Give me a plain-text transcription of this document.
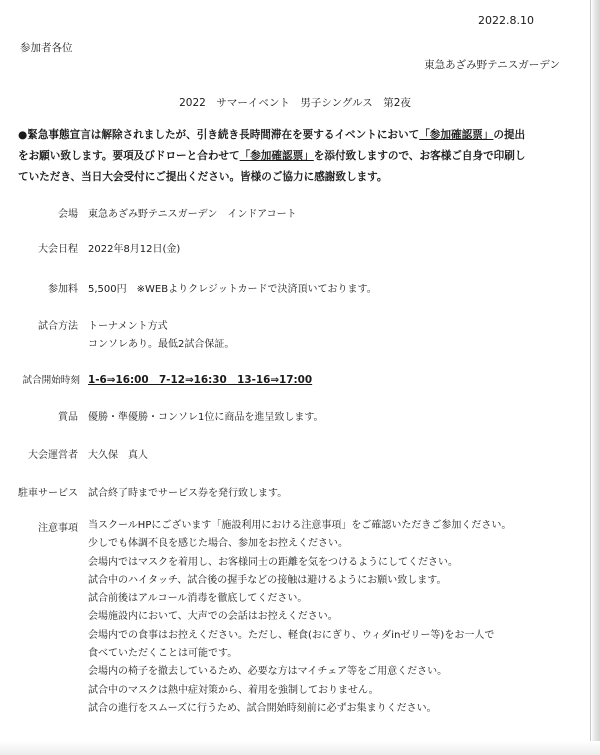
2022.8.10
参加者各位
東急あざみ野テニスガーデン
2022　サマーイベント　男子シングルス　第2夜
●緊急事態宣言は解除されましたが、引き続き長時間滞在を要するイベントにおいて「参加確認票」の提出
をお願い致します。要項及びドローと合わせて「参加確認票」を添付致しますので、お客様ご自身で印刷し
ていただき、当日大会受付にご提出ください。皆様のご協力に感謝致します。
会場 東急あざみ野テニスガーデン　インドアコート
大会日程 2022年8月12日(金)
参加料 5,500円　※WEBよりクレジットカードで決済頂いております。
試合方法 トーナメント方式
コンソレあり。最低2試合保証。
試合開始時刻 1-6⇒16:00　7-12⇒16:30　13-16⇒17:00
賞品 優勝・準優勝・コンソレ1位に商品を進呈致します。
大会運営者 大久保　真人
駐車サービス 試合終了時までサービス券を発行致します。
注意事項 当スクールHPにございます「施設利用における注意事項」をご確認いただきご参加ください。
少しでも体調不良を感じた場合、参加をお控えください。
会場内ではマスクを着用し、お客様同士の距離を気をつけるようにしてください。
試合中のハイタッチ、試合後の握手などの接触は避けるようにお願い致します。
試合前後はアルコール消毒を徹底してください。
会場施設内において、大声での会話はお控えください。
会場内での食事はお控えください。ただし、軽食(おにぎり、ウィダinゼリー等)をお一人で
食べていただくことは可能です。
会場内の椅子を撤去しているため、必要な方はマイチェア等をご用意ください。
試合中のマスクは熱中症対策から、着用を強制しておりません。
試合の進行をスムーズに行うため、試合開始時刻前に必ずお集まりください。
